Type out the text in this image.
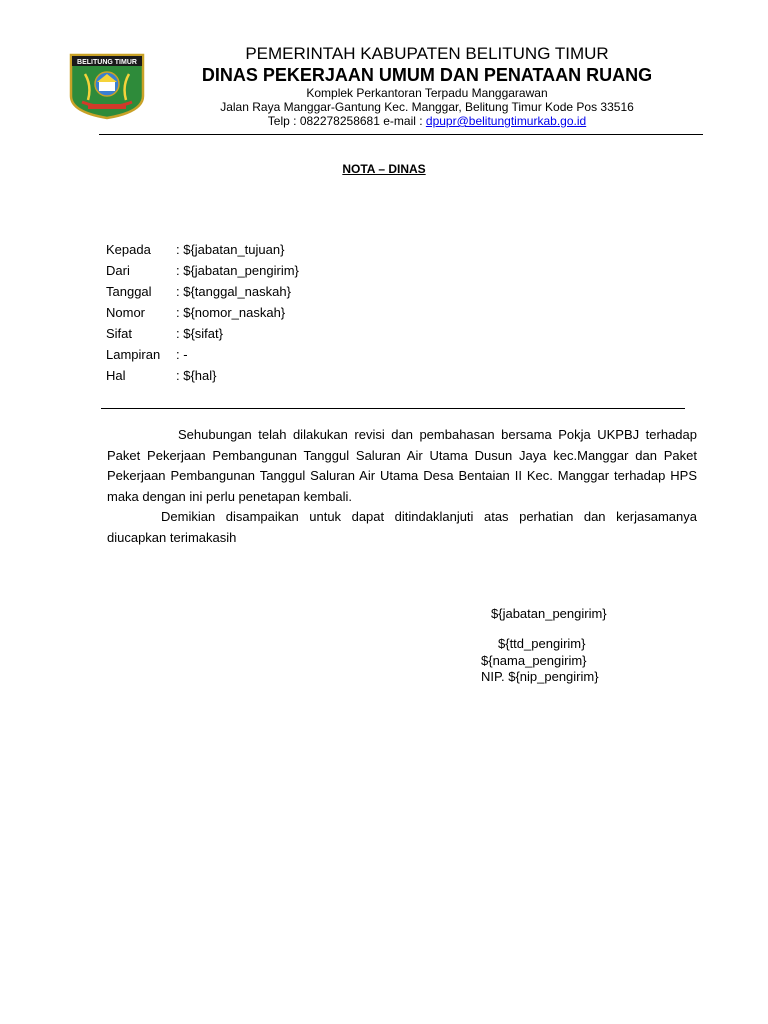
BELITUNG TIMUR	PEMERINTAH KABUPATEN BELITUNG TIMUR
DINAS PEKERJAAN UMUM DAN PENATAAN RUANG
Komplek Perkantoran Terpadu Manggarawan
Jalan Raya Manggar-Gantung Kec. Manggar, Belitung Timur Kode Pos 33516
Telp : 082278258681 e-mail : dpupr@belitungtimurkab.go.id
NOTA – DINAS
Kepada	: ${jabatan_tujuan}
Dari	: ${jabatan_pengirim}
Tanggal	: ${tanggal_naskah}
Nomor	: ${nomor_naskah}
Sifat	: ${sifat}
Lampiran	: -
Hal	: ${hal}

Sehubungan telah dilakukan revisi dan pembahasan bersama Pokja UKPBJ terhadap Paket Pekerjaan Pembangunan Tanggul Saluran Air Utama Dusun Jaya kec.Manggar dan Paket Pekerjaan Pembangunan Tanggul Saluran Air Utama Desa Bentaian II Kec. Manggar terhadap HPS maka dengan ini perlu penetapan kembali.

Demikian disampaikan untuk dapat ditindaklanjuti atas perhatian dan kerjasamanya diucapkan terimakasih

${jabatan_pengirim}
${ttd_pengirim}
${nama_pengirim}
NIP. ${nip_pengirim}
